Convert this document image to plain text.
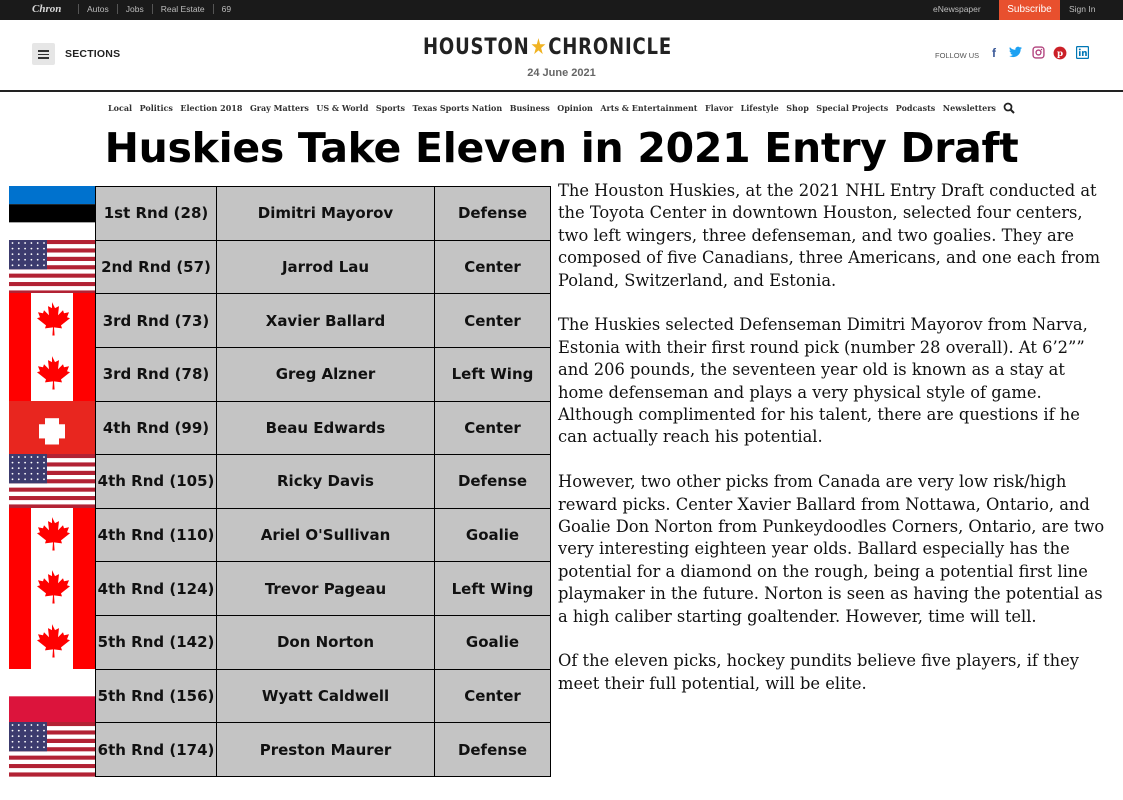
Chron	Autos	Jobs	Real Estate	69	eNewspaper	Subscribe	Sign In
SECTIONS	HOUSTON★CHRONICLE
24 June 2021
FOLLOW US	f	p
Local Politics Election 2018 Gray Matters US & World Sports Texas Sports Nation Business Opinion Arts & Entertainment Flavor Lifestyle Shop Special Projects Podcasts Newsletters
Huskies Take Eleven in 2021 Entry Draft
1st Rnd (28)	Dimitri Mayorov	Defense
2nd Rnd (57)	Jarrod Lau	Center
3rd Rnd (73)	Xavier Ballard	Center
3rd Rnd (78)	Greg Alzner	Left Wing
4th Rnd (99)	Beau Edwards	Center
4th Rnd (105)	Ricky Davis	Defense
4th Rnd (110)	Ariel O'Sullivan	Goalie
4th Rnd (124)	Trevor Pageau	Left Wing
5th Rnd (142)	Don Norton	Goalie
5th Rnd (156)	Wyatt Caldwell	Center
6th Rnd (174)	Preston Maurer	Defense

The Houston Huskies, at the 2021 NHL Entry Draft conducted at the Toyota Center in downtown Houston, selected four centers, two left wingers, three defenseman, and two goalies. They are composed of five Canadians, three Americans, and one each from Poland, Switzerland, and Estonia.

The Huskies selected Defenseman Dimitri Mayorov from Narva, Estonia with their first round pick (number 28 overall). At 6’2”” and 206 pounds, the seventeen year old is known as a stay at home defenseman and plays a very physical style of game. Although complimented for his talent, there are questions if he can actually reach his potential.

However, two other picks from Canada are very low risk/high reward picks. Center Xavier Ballard from Nottawa, Ontario, and Goalie Don Norton from Punkeydoodles Corners, Ontario, are two very interesting eighteen year olds. Ballard especially has the potential for a diamond on the rough, being a potential first line playmaker in the future. Norton is seen as having the potential as a high caliber starting goaltender. However, time will tell.

Of the eleven picks, hockey pundits believe five players, if they meet their full potential, will be elite.
